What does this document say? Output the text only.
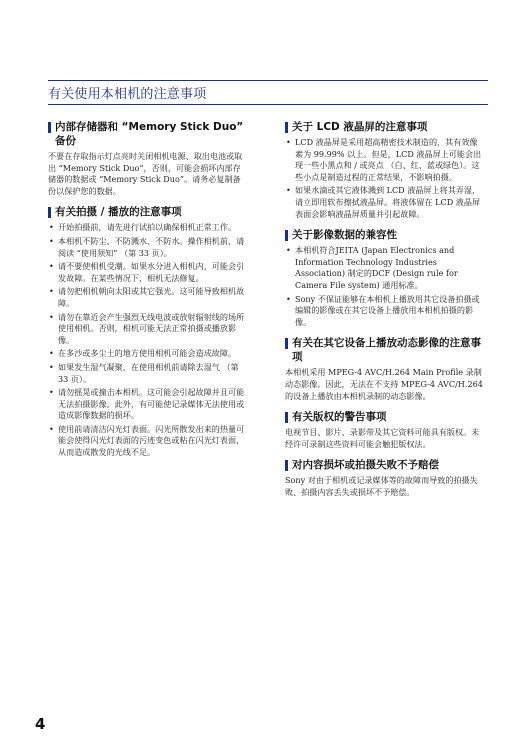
有关使用本相机的注意事项
内部存储器和 “Memory Stick Duo” 备份
不要在存取指示灯点亮时关闭相机电源、取出电池或取出 “Memory Stick Duo”，否则，可能会损坏内部存储器的数据或 “Memory Stick Duo”。请务必复制备份以保护您的数据。
有关拍摄 / 播放的注意事项
• 开始拍摄前，请先进行试拍以确保相机正常工作。
• 本相机不防尘、不防溅水、不防水。操作相机前，请阅读 “使用须知” （第 33 页）。
• 请不要使相机受潮。如果水分进入相机内，可能会引发故障。在某些情况下，相机无法修复。
• 请勿把相机朝向太阳或其它强光。这可能导致相机故障。
• 请勿在靠近会产生强烈无线电波或放射辐射线的场所使用相机。否则，相机可能无法正常拍摄或播放影像。
• 在多沙或多尘土的地方使用相机可能会造成故障。
• 如果发生湿气凝聚，在使用相机前请除去湿气 （第 33 页）。
• 请勿摇晃或撞击本相机。这可能会引起故障并且可能无法拍摄影像。此外，有可能使记录媒体无法使用或造成影像数据的损坏。
• 使用前请清洁闪光灯表面。闪光所散发出来的热量可能会使得闪光灯表面的污迹变色或粘在闪光灯表面，从而造成散发的光线不足。
关于 LCD 液晶屏的注意事项
• LCD 液晶屏是采用超高精密技术制造的，其有效像素为 99.99% 以上。但是，LCD 液晶屏上可能会出现一些小黑点和 / 或亮点 （白、红、蓝或绿色）。这些小点是制造过程的正常结果，不影响拍摄。
• 如果水滴或其它液体溅到 LCD 液晶屏上将其弄湿，请立即用软布擦拭液晶屏。将液体留在 LCD 液晶屏表面会影响液晶屏质量并引起故障。
关于影像数据的兼容性
• 本相机符合JEITA (Japan Electronics and Information Technology Industries Association) 制定的DCF (Design rule for Camera File system) 通用标准。
• Sony 不保证能够在本相机上播放用其它设备拍摄或编辑的影像或在其它设备上播放用本相机拍摄的影像。
有关在其它设备上播放动态影像的注意事项
本相机采用 MPEG-4 AVC/H.264 Main Profile 录制动态影像。因此，无法在不支持 MPEG-4 AVC/H.264 的设备上播放由本相机录制的动态影像。
有关版权的警告事项
电视节目、影片、录影带及其它资料可能具有版权。未经许可录制这些资料可能会触犯版权法。
对内容损坏或拍摄失败不予赔偿
Sony 对由于相机或记录媒体等的故障而导致的拍摄失败、拍摄内容丢失或损坏不予赔偿。
4
